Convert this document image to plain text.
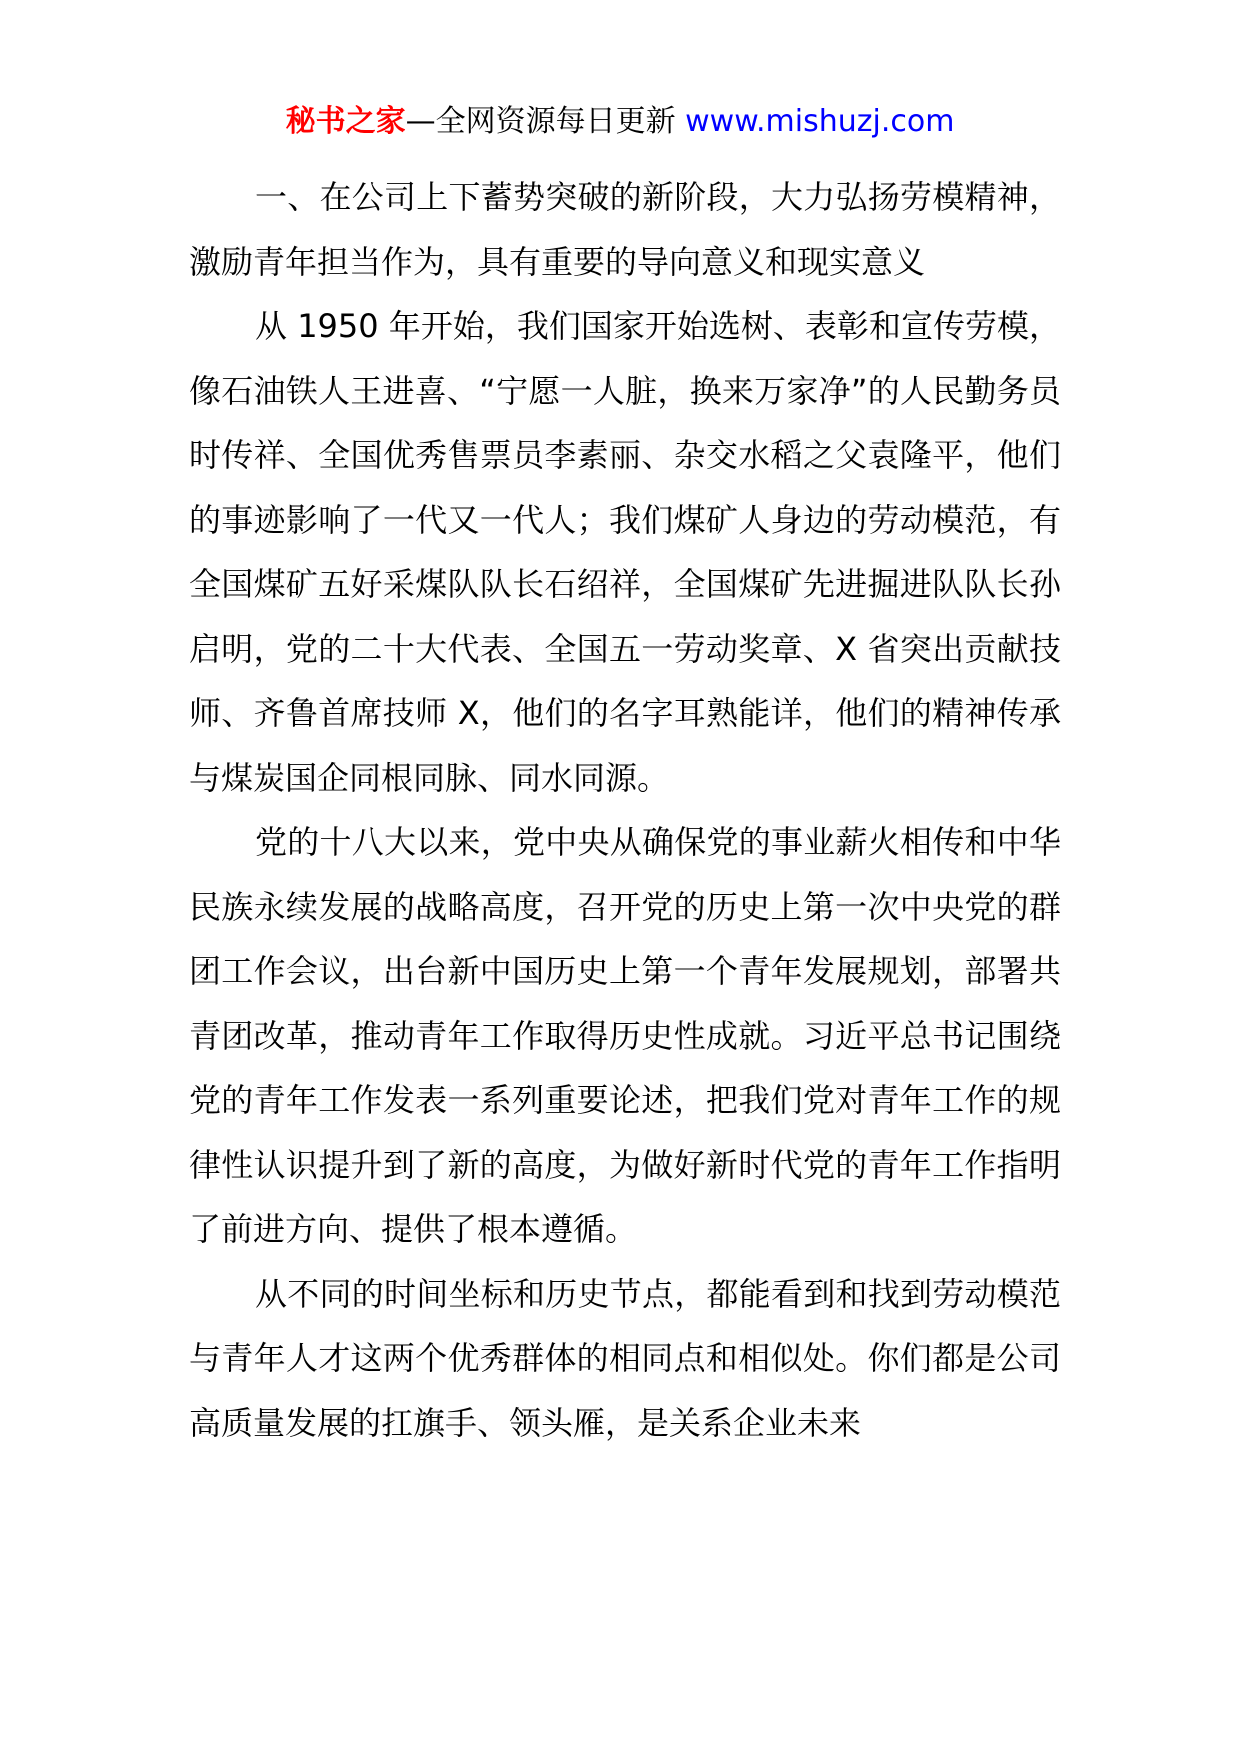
秘书之家—全网资源每日更新 www.mishuzj.com

一、在公司上下蓄势突破的新阶段，大力弘扬劳模精神，激励青年担当作为，具有重要的导向意义和现实意义

从 1950 年开始，我们国家开始选树、表彰和宣传劳模，像石油铁人王进喜、“宁愿一人脏，换来万家净”的人民勤务员时传祥、全国优秀售票员李素丽、杂交水稻之父袁隆平，他们的事迹影响了一代又一代人；我们煤矿人身边的劳动模范，有全国煤矿五好采煤队队长石绍祥，全国煤矿先进掘进队队长孙启明，党的二十大代表、全国五一劳动奖章、X 省突出贡献技师、齐鲁首席技师 X，他们的名字耳熟能详，他们的精神传承与煤炭国企同根同脉、同水同源。

党的十八大以来，党中央从确保党的事业薪火相传和中华民族永续发展的战略高度，召开党的历史上第一次中央党的群团工作会议，出台新中国历史上第一个青年发展规划，部署共青团改革，推动青年工作取得历史性成就。习近平总书记围绕党的青年工作发表一系列重要论述，把我们党对青年工作的规律性认识提升到了新的高度，为做好新时代党的青年工作指明了前进方向、提供了根本遵循。

从不同的时间坐标和历史节点，都能看到和找到劳动模范与青年人才这两个优秀群体的相同点和相似处。你们都是公司高质量发展的扛旗手、领头雁，是关系企业未来
